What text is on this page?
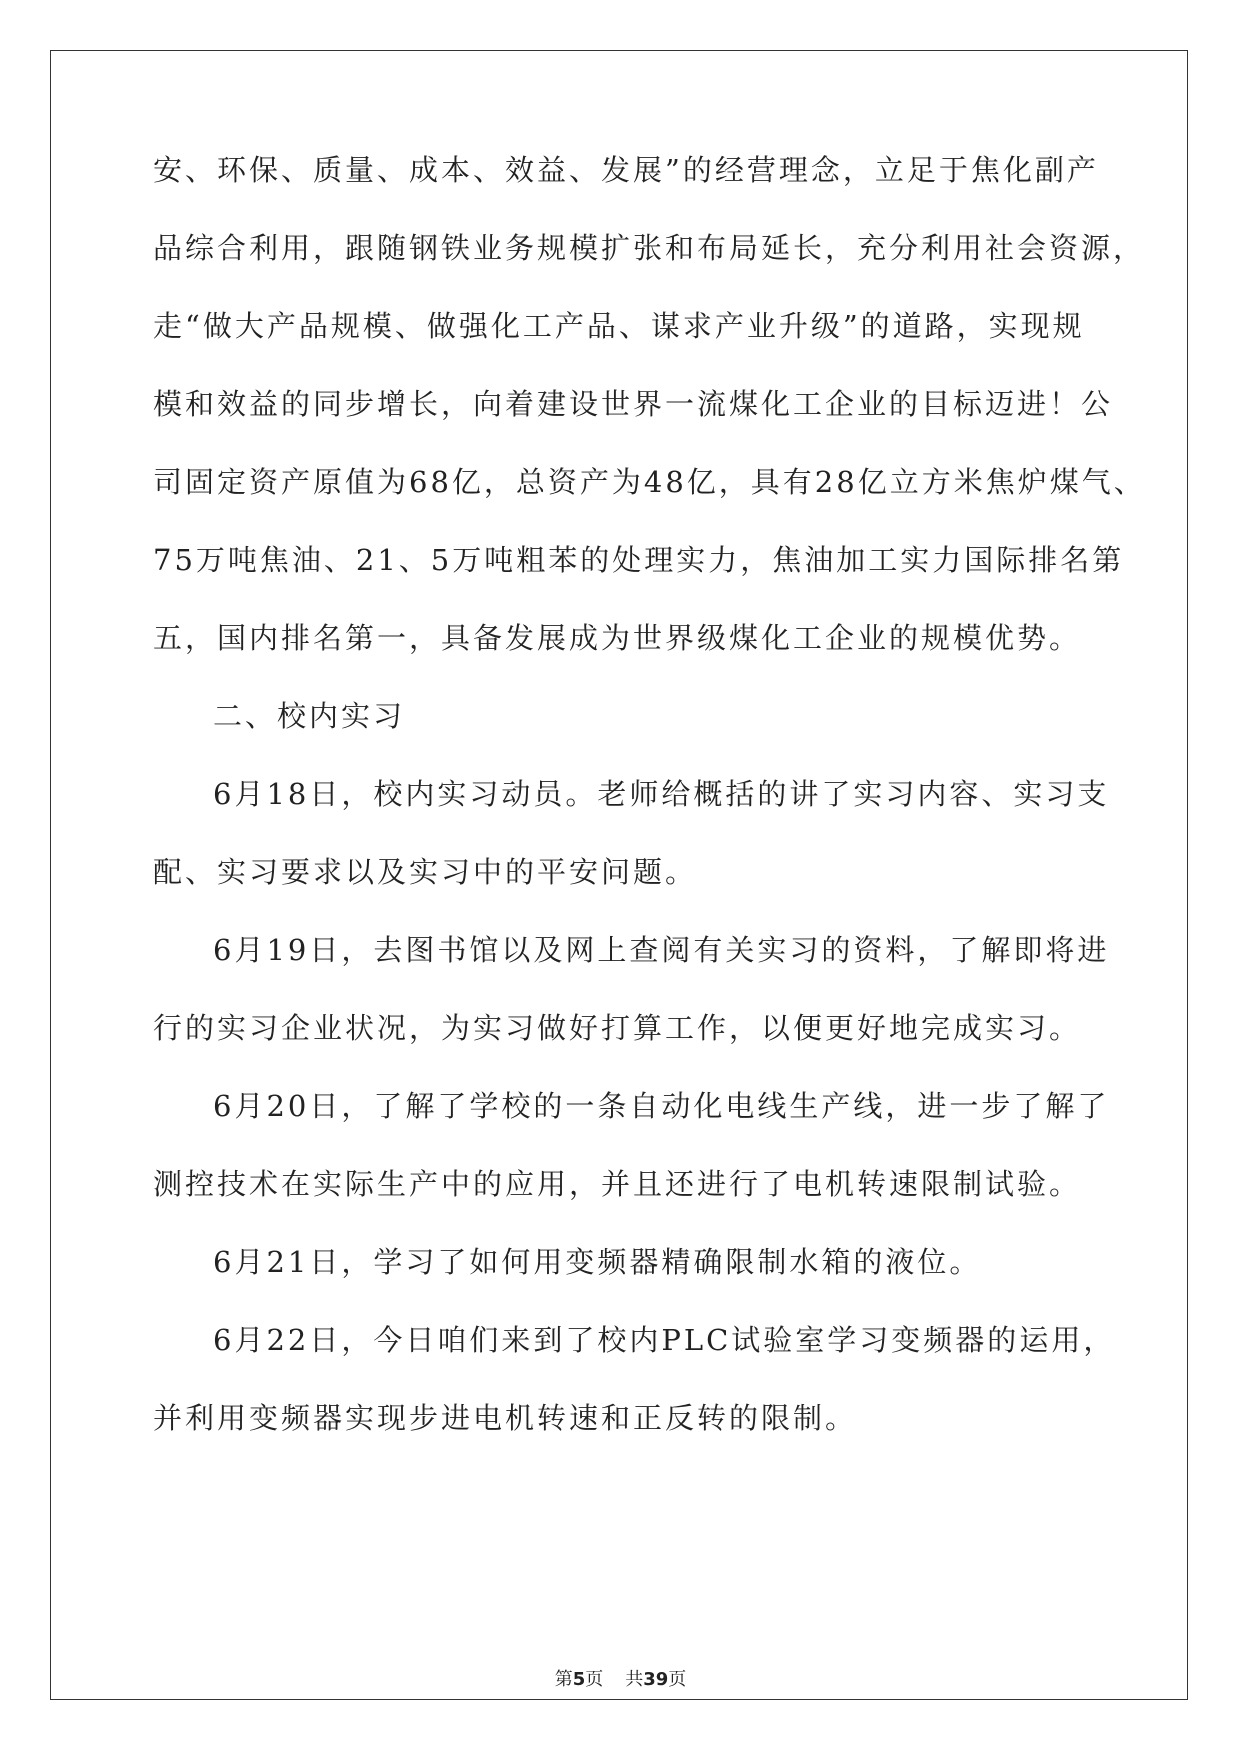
安、环保、质量、成本、效益、发展”的经营理念，立足于焦化副产
品综合利用，跟随钢铁业务规模扩张和布局延长，充分利用社会资源，
走“做大产品规模、做强化工产品、谋求产业升级”的道路，实现规
模和效益的同步增长，向着建设世界一流煤化工企业的目标迈进！公
司固定资产原值为68亿，总资产为48亿，具有28亿立方米焦炉煤气、
75万吨焦油、21、5万吨粗苯的处理实力，焦油加工实力国际排名第
五，国内排名第一，具备发展成为世界级煤化工企业的规模优势。
二、校内实习
6月18日，校内实习动员。老师给概括的讲了实习内容、实习支
配、实习要求以及实习中的平安问题。
6月19日，去图书馆以及网上查阅有关实习的资料，了解即将进
行的实习企业状况，为实习做好打算工作，以便更好地完成实习。
6月20日，了解了学校的一条自动化电线生产线，进一步了解了
测控技术在实际生产中的应用，并且还进行了电机转速限制试验。
6月21日，学习了如何用变频器精确限制水箱的液位。
6月22日，今日咱们来到了校内PLC试验室学习变频器的运用，
并利用变频器实现步进电机转速和正反转的限制。
第5页 共39页
